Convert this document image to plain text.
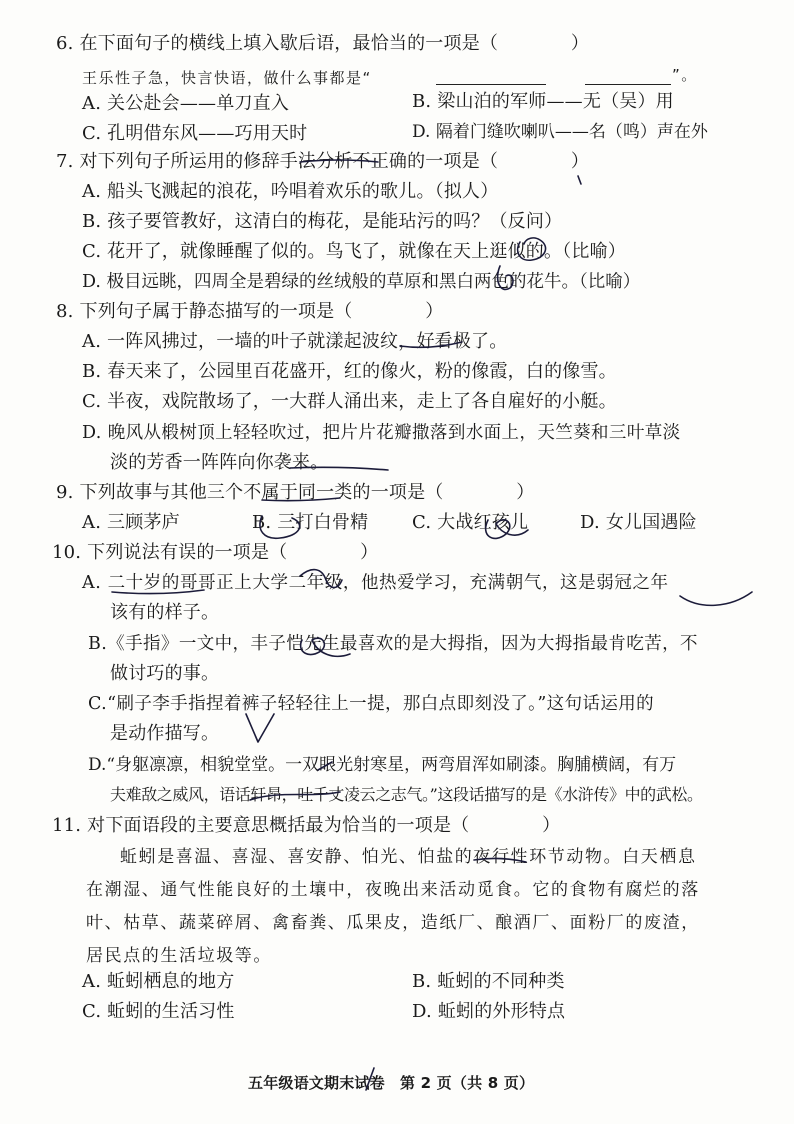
6. 在下面句子的横线上填入歇后语，最恰当的一项是（　　　　）
王乐性子急，快言快语，做什么事都是“	”。
A. 关公赴会——单刀直入	B. 梁山泊的军师——无（吴）用
C. 孔明借东风——巧用天时	D. 隔着门缝吹喇叭——名（鸣）声在外
7. 对下列句子所运用的修辞手法分析不正确的一项是（　　　　）
A. 船头飞溅起的浪花，吟唱着欢乐的歌儿。（拟人）
B. 孩子要管教好，这清白的梅花，是能玷污的吗？（反问）
C. 花开了，就像睡醒了似的。鸟飞了，就像在天上逛似的。（比喻）
D. 极目远眺，四周全是碧绿的丝绒般的草原和黑白两色的花牛。（比喻）
8. 下列句子属于静态描写的一项是（　　　　）
A. 一阵风拂过，一墙的叶子就漾起波纹，好看极了。
B. 春天来了，公园里百花盛开，红的像火，粉的像霞，白的像雪。
C. 半夜，戏院散场了，一大群人涌出来，走上了各自雇好的小艇。
D. 晚风从椴树顶上轻轻吹过，把片片花瓣撒落到水面上，天竺葵和三叶草淡
淡的芳香一阵阵向你袭来。
9. 下列故事与其他三个不属于同一类的一项是（　　　　）
A. 三顾茅庐	B. 三打白骨精 C. 大战红孩儿	D. 女儿国遇险
10. 下列说法有误的一项是（　　　　）
A. 二十岁的哥哥正上大学二年级，他热爱学习，充满朝气，这是弱冠之年
该有的样子。
B.《手指》一文中，丰子恺先生最喜欢的是大拇指，因为大拇指最肯吃苦，不
做讨巧的事。
C.“刷子李手指捏着裤子轻轻往上一提，那白点即刻没了。”这句话运用的
是动作描写。
D.“身躯凛凛，相貌堂堂。一双眼光射寒星，两弯眉浑如刷漆。胸脯横阔，有万
夫难敌之威风，语话轩昂，吐千丈凌云之志气。”这段话描写的是《水浒传》中的武松。
11. 对下面语段的主要意思概括最为恰当的一项是（　　　　）
蚯蚓是喜温、喜湿、喜安静、怕光、怕盐的夜行性环节动物。白天栖息
在潮湿、通气性能良好的土壤中，夜晚出来活动觅食。它的食物有腐烂的落
叶、枯草、蔬菜碎屑、禽畜粪、瓜果皮，造纸厂、酿酒厂、面粉厂的废渣，
居民点的生活垃圾等。
A. 蚯蚓栖息的地方	B. 蚯蚓的不同种类
C. 蚯蚓的生活习性	D. 蚯蚓的外形特点
五年级语文期末试卷　第 2 页（共 8 页）
